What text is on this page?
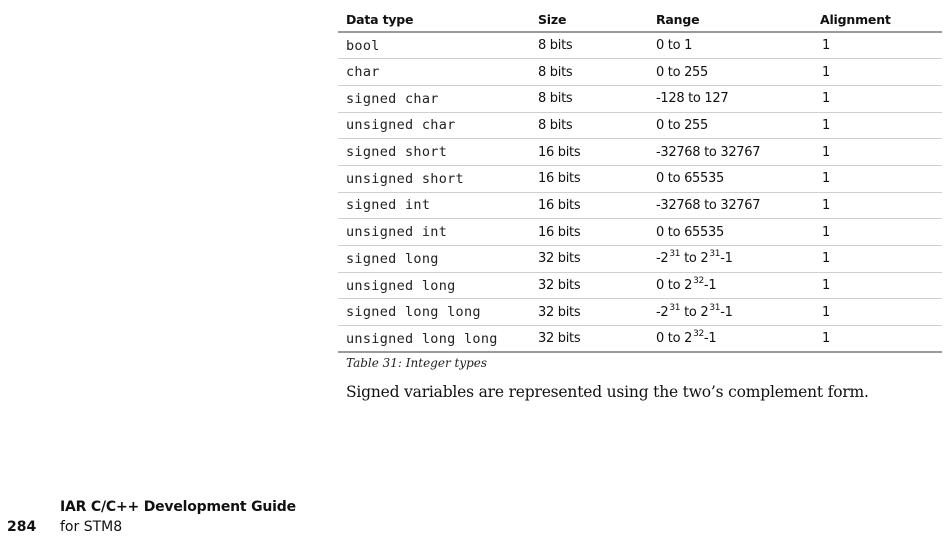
Data type	Size	Range	Alignment
bool	8 bits	0 to 1	1
char	8 bits	0 to 255	1
signed char	8 bits	-128 to 127	1
unsigned char	8 bits	0 to 255	1
signed short	16 bits	-32768 to 32767	1
unsigned short	16 bits	0 to 65535	1
signed int	16 bits	-32768 to 32767	1
unsigned int	16 bits	0 to 65535	1
signed long	32 bits	$-2^{31}$ to $2^{31}-1$	1
unsigned long	32 bits	0 to $2^{32}-1$	1
signed long long	32 bits	$-2^{31}$ to $2^{31}-1$	1
unsigned long long	32 bits	0 to $2^{32}-1$	1
Table 31: Integer types
Signed variables are represented using the two’s complement form.
IAR C/C++ Development Guide
284 for STM8
